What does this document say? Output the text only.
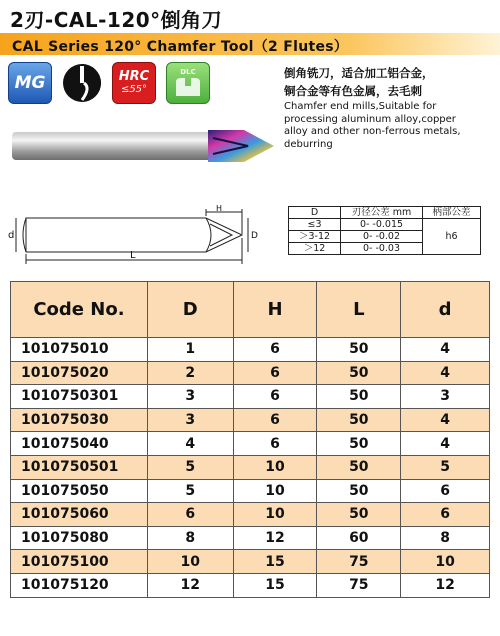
2刃-CAL-120°倒角刀
CAL Series 120° Chamfer Tool（2 Flutes）
MG	HRC
≤55°
DLC	倒角铣刀，适合加工铝合金，
铜合金等有色金属，去毛刺
Chamfer end mills,Suitable for
processing aluminum alloy,copper
alloy and other non-ferrous metals,
deburring
H
d	D
L
D	刃径公差 mm	柄部公差
≤3	0- -0.015	h6
＞3-12	0- -0.02	
＞12	0- -0.03	
Code No.	D	H	L	d
101075010	1	6	50	4
101075020	2	6	50	4
1010750301	3	6	50	3
101075030	3	6	50	4
101075040	4	6	50	4
1010750501	5	10	50	5
101075050	5	10	50	6
101075060	6	10	50	6
101075080	8	12	60	8
101075100	10	15	75	10
101075120	12	15	75	12
